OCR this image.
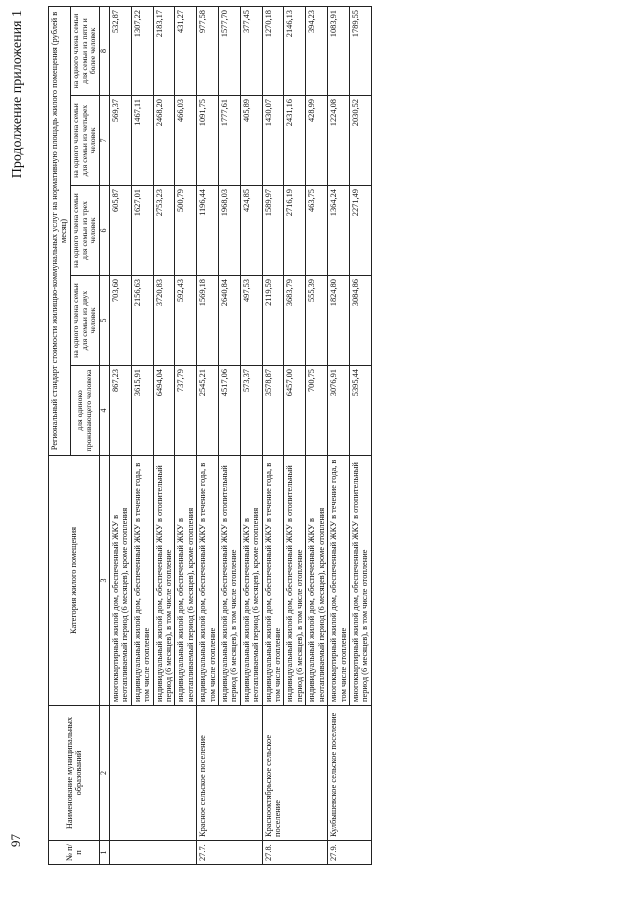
97
Продолжение приложения 1
№ п/п	Наименование муниципальных образований	Категория жилого помещения	Региональный стандарт стоимости жилищно-коммунальных услуг на нормативную площадь жилого помещения (рублей в месяц)				
			для одиноко проживающего человека	на одного члена семьи для семьи из двух человек	на одного члена семьи для семьи из трех человек	на одного члена семьи для семьи из четырех человек	на одного члена семьи для семьи из пяти и более человек
1	2	3	4	5	6	7	8
		многоквартирный жилой дом, обеспеченный ЖКУ в неотапливаемый период (6 месяцев), кроме отопления	867,23	703,60	605,87	569,37	532,87
		индивидуальный жилой дом, обеспеченный ЖКУ в течение года, в том числе отопление	3615,91	2156,63	1627,01	1467,11	1307,22
		индивидуальный жилой дом, обеспеченный ЖКУ в отопительный период (6 месяцев), в том числе отопление	6494,04	3720,83	2753,23	2468,20	2183,17
		индивидуальный жилой дом, обеспеченный ЖКУ в неотапливаемый период (6 месяцев), кроме отопления	737,79	592,43	500,79	466,03	431,27
27.7.	Красное сельское поселение	индивидуальный жилой дом, обеспеченный ЖКУ в течение года, в том числе отопление	2545,21	1569,18	1196,44	1091,75	977,58
		индивидуальный жилой дом, обеспеченный ЖКУ в отопительный период (6 месяцев), в том числе отопление	4517,06	2640,84	1968,03	1777,61	1577,70
		индивидуальный жилой дом, обеспеченный ЖКУ в неотапливаемый период (6 месяцев), кроме отопления	573,37	497,53	424,85	405,89	377,45
27.8.	Краснооктябрьское сельское поселение	индивидуальный жилой дом, обеспеченный ЖКУ в течение года, в том числе отопление	3578,87	2119,59	1589,97	1430,07	1270,18
		индивидуальный жилой дом, обеспеченный ЖКУ в отопительный период (6 месяцев), в том числе отопление	6457,00	3683,79	2716,19	2431,16	2146,13
		индивидуальный жилой дом, обеспеченный ЖКУ в неотапливаемый период (6 месяцев), кроме отопления	700,75	555,39	463,75	428,99	394,23
27.9.	Кулбышевское сельское поселение	многоквартирный жилой дом, обеспеченный ЖКУ в течение года, в том числе отопление	3076,91	1824,80	1364,24	1224,08	1083,91
		многоквартирный жилой дом, обеспеченный ЖКУ в отопительный период (6 месяцев), в том числе отопление	5395,44	3084,86	2271,49	2030,52	1789,55
